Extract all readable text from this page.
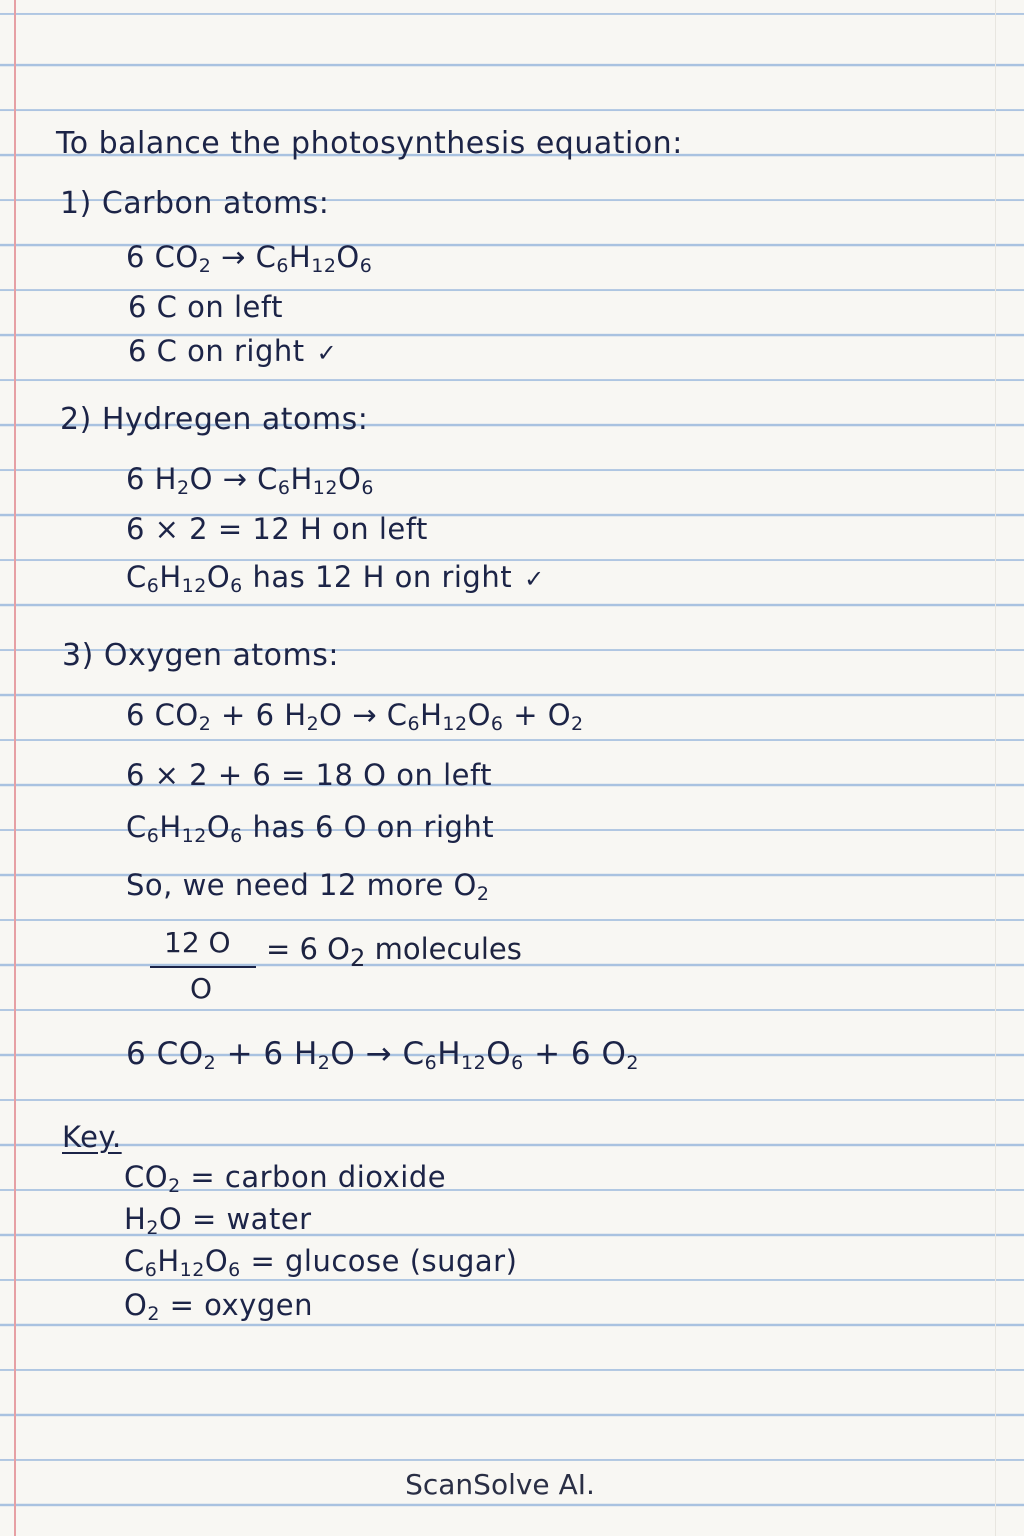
To balance the photosynthesis equation:
1) Carbon atoms:
6 $CO_2 \to C_6H_{12}O_6$
6 C on left
6 C on right ✓
2) Hydregen atoms:
6 $H_2O \to C_6H_{12}O_6$
6 × 2 = 12 H on left
$C_6H_{12}O_6$ has 12 H on right ✓
3) Oxygen atoms:
6 $CO_2 + 6$ $H_2O \to C_6H_{12}O_6 + O_2$
6 × 2 + 6 = 18 O on left
$C_6H_{12}O_6$ has 6 O on right
So, we need 12 more $O_2$
12 O
O
= 6 $O_2$ molecules
6 $CO_2 + 6$ $H_2O \to C_6H_{12}O_6 + 6$ $O_2$
Key.
$CO_2$ = carbon dioxide
$H_2O$ = water
$C_6H_{12}O_6 = glucose$ (sugar)
$O_2$ = oxygen
ScanSolve AI.
